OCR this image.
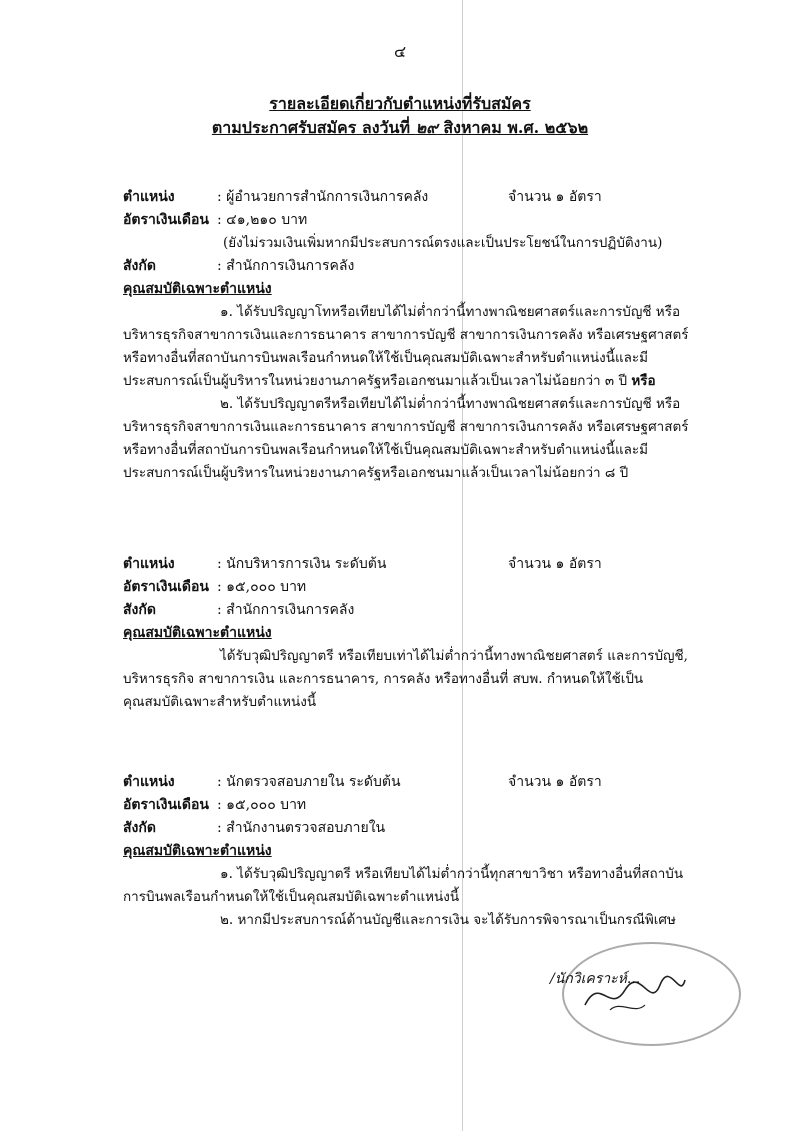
๔
รายละเอียดเกี่ยวกับตำแหน่งที่รับสมัคร
ตามประกาศรับสมัคร ลงวันที่ ๒๙ สิงหาคม พ.ศ. ๒๕๖๒
ตำแหน่ง	: ผู้อำนวยการสำนักการเงินการคลัง	จำนวน ๑ อัตรา
อัตราเงินเดือน : ๔๑,๒๑๐ บาท
(ยังไม่รวมเงินเพิ่มหากมีประสบการณ์ตรงและเป็นประโยชน์ในการปฏิบัติงาน)
สังกัด	: สำนักการเงินการคลัง
คุณสมบัติเฉพาะตำแหน่ง
๑. ได้รับปริญญาโทหรือเทียบได้ไม่ต่ำกว่านี้ทางพาณิชยศาสตร์และการบัญชี หรือ
บริหารธุรกิจสาขาการเงินและการธนาคาร สาขาการบัญชี สาขาการเงินการคลัง หรือเศรษฐศาสตร์
หรือทางอื่นที่สถาบันการบินพลเรือนกำหนดให้ใช้เป็นคุณสมบัติเฉพาะสำหรับตำแหน่งนี้และมี
ประสบการณ์เป็นผู้บริหารในหน่วยงานภาครัฐหรือเอกชนมาแล้วเป็นเวลาไม่น้อยกว่า ๓ ปี หรือ
๒. ได้รับปริญญาตรีหรือเทียบได้ไม่ต่ำกว่านี้ทางพาณิชยศาสตร์และการบัญชี หรือ
บริหารธุรกิจสาขาการเงินและการธนาคาร สาขาการบัญชี สาขาการเงินการคลัง หรือเศรษฐศาสตร์
หรือทางอื่นที่สถาบันการบินพลเรือนกำหนดให้ใช้เป็นคุณสมบัติเฉพาะสำหรับตำแหน่งนี้และมี
ประสบการณ์เป็นผู้บริหารในหน่วยงานภาครัฐหรือเอกชนมาแล้วเป็นเวลาไม่น้อยกว่า ๘ ปี
ตำแหน่ง	: นักบริหารการเงิน ระดับต้น	จำนวน ๑ อัตรา
อัตราเงินเดือน : ๑๕,๐๐๐ บาท
สังกัด	: สำนักการเงินการคลัง
คุณสมบัติเฉพาะตำแหน่ง
ได้รับวุฒิปริญญาตรี หรือเทียบเท่าได้ไม่ต่ำกว่านี้ทางพาณิชยศาสตร์ และการบัญชี,
บริหารธุรกิจ สาขาการเงิน และการธนาคาร, การคลัง หรือทางอื่นที่ สบพ. กำหนดให้ใช้เป็น
คุณสมบัติเฉพาะสำหรับตำแหน่งนี้
ตำแหน่ง	: นักตรวจสอบภายใน ระดับต้น	จำนวน ๑ อัตรา
อัตราเงินเดือน : ๑๕,๐๐๐ บาท
สังกัด	: สำนักงานตรวจสอบภายใน
คุณสมบัติเฉพาะตำแหน่ง
๑. ได้รับวุฒิปริญญาตรี หรือเทียบได้ไม่ต่ำกว่านี้ทุกสาขาวิชา หรือทางอื่นที่สถาบัน
การบินพลเรือนกำหนดให้ใช้เป็นคุณสมบัติเฉพาะตำแหน่งนี้
๒. หากมีประสบการณ์ด้านบัญชีและการเงิน จะได้รับการพิจารณาเป็นกรณีพิเศษ
/นักวิเคราะห์...
